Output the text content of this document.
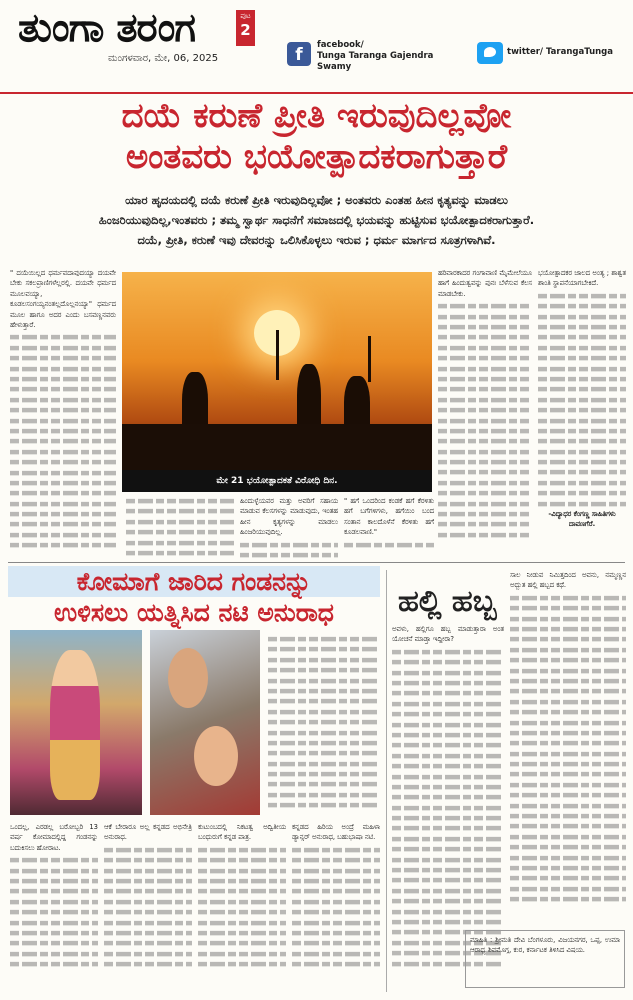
ತುಂಗಾ ತರಂಗ	ಪುಟ
2
ಮಂಗಳವಾರ, ಮೇ, 06, 2025	f	facebook/
Tunga Taranga Gajendra Swamy
twitter/ TarangaTunga
ದಯೆ ಕರುಣೆ ಪ್ರೀತಿ ಇರುವುದಿಲ್ಲವೋ
ಅಂತವರು ಭಯೋತ್ಪಾದಕರಾಗುತ್ತಾರೆ
ಯಾರ ಹೃದಯದಲ್ಲಿ ದಯೆ ಕರುಣೆ ಪ್ರೀತಿ ಇರುವುದಿಲ್ಲವೋ ; ಅಂತವರು ಎಂತಹ ಹೀನ ಕೃತ್ಯವನ್ನು ಮಾಡಲು
ಹಿಂಜರಿಯುವುದಿಲ್ಲ,ಇಂತವರು ; ತಮ್ಮ ಸ್ವಾರ್ಥ ಸಾಧನೆಗೆ ಸಮಾಜದಲ್ಲಿ ಭಯವನ್ನು ಹುಟ್ಟಿಸುವ ಭಯೋತ್ಪಾದಕರಾಗುತ್ತಾರೆ.
ದಯೆ, ಪ್ರೀತಿ, ಕರುಣೆ ಇವು ದೇವರನ್ನು ಒಲಿಸಿಕೊಳ್ಳಲು ಇರುವ ; ಧರ್ಮ ಮಾರ್ಗದ ಸೂತ್ರಗಳಾಗಿವೆ.

" ದಯೆಯಿಲ್ಲದ ಧರ್ಮವದಾವುದಯ್ಯಾ ದಯವೇ ಬೇಕು ಸಕಲಪ್ರಾಣಿಗಳೆಲ್ಲರಲ್ಲಿ. ದಯವೇ ಧರ್ಮದ ಮೂಲವಯ್ಯಾ, ಕೂಡಲಸಂಗಯ್ಯನಂತಲ್ಲದೊಲ್ಲನಯ್ಯಾ" ಧರ್ಮದ ಮೂಲ ಹಾಗೂ ಅದರ ಎಂದು ಬಸವಣ್ಣನವರು ಹೇಳುತ್ತಾರೆ.

ಮೇ 21 ಭಯೋತ್ಪಾದಕತೆ ವಿರೋಧಿ ದಿನ.

ಹಿಂದುಳ್ಳೆಯವರ ಮತ್ತು ಅವರಿಗೆ ಸಹಾಯ ಮಾಡುವ ಕೆಲಸಗಳನ್ನು ಮಾಡುವುದು, ಇಂತಹ ಹೀನ ಕೃತ್ಯಗಳನ್ನು ಮಾಡಲು ಹಿಂಜರಿಯುವುದಿಲ್ಲ.

" ಹಗೆ ಒಂದರಿಂದ ಕಂಡಕೆ ಹಗೆ ಕೆರಳಿತು ಹಗೆ ಬಗೆಗಳಿಗಳು, ಹಗೆಯಿಂ ಬಂದ ಸಂತಾನ ಕಾಲದೊಳೆನೆ ಕೆರಳಿತು ಹಗೆ ಕೂಡಲವಾಣಿ."

ಹರಿವಾರಕಾದರ ಗಂಗಾವಾಣಿ ಮೈಮೇಲೆಯೂ ಹಾಗೆ ಹಿಂದುತ್ವವನ್ನು ಪುನಃ ಬೆಳೆಸುವ ಕೆಲಸ ಮಾಡಬೇಕು.

ಭಯೋತ್ಪಾದಕರ ಜಾಲದ ಅಂತ್ಯ ; ಶಾಶ್ವತ ಶಾಂತಿ ಸ್ಥಾಪನೆಯಾಗಬೇಕಿದೆ.

-ವಿದ್ಯಾಧರ ಕೆಂಗಣ್ಣ ಸಾಹಿತಿಗಳು ದಾವಣಗೆರೆ.

ಕೋಮಾಗೆ ಜಾರಿದ ಗಂಡನನ್ನು
ಉಳಿಸಲು ಯತ್ನಿಸಿದ ನಟಿ ಅನುರಾಧ

ಒಂದಲ್ಲ, ಎರಡಲ್ಲ ಬರೋಬ್ಬರಿ 13 ವರ್ಷ ಕೋಮಾದಲ್ಲಿದ್ದ ಗಂಡನನ್ನು ಬದುಕಿಸಲು ಹೋರಾಟ.

ಆಕೆ ಬೇರಾರೂ ಅಲ್ಲ ಕನ್ನಡದ ಅಭಿನೇತ್ರಿ ಅನುರಾಧ.

ಕುಟುಂಬದಲ್ಲಿ ನಿಕಟತ್ವ ಅದ್ವಿತೀಯ ಬಂಧುರುಗೆ ಕನ್ನಡ ಪಾತ್ರ.

ಕನ್ನಡದ ಹಿರಿಯ ಅಂದ್ರೆ ಮಹಿಳಾ ಡ್ಯಾನ್ಸರ್ ಅನುರಾಧ, ಬಹುಭಾಷಾ ನಟಿ.

ಹಲ್ಲಿ ಹಬ್ಬ

ಅವಳು, ಹಲ್ಲಿಗೂ ಹಬ್ಬ ಮಾಡುತ್ತಾರಾ ಅಂತ ಯೋಚನೆ ಮಾಡ್ತಾ ಇದ್ದೀರಾ?

ಸಾಲ ನೀಡುವ ನಿಮಿತ್ತದಿಂದ ಅವನು, ನಮ್ಮಣ್ಣನ ಅದ್ಬುತ ಹಲ್ಲಿ ಹಬ್ಬದ ಕಥೆ.

ಮಾಹಿತಿ : ಶ್ರೀಮತಿ ದೇವಿ ಬೆಂಗಳೂರು, ವಿಜಯನಗರ, ಒಪ್ಪ, ಉಮಾ ಆರಾಧ್ಯ ಶಿವಮೊಗ್ಗ, ಕುರ, ಕರ್ನಾಟಕ ತಿಳಿಸಿದ ವಿಷಯ.
